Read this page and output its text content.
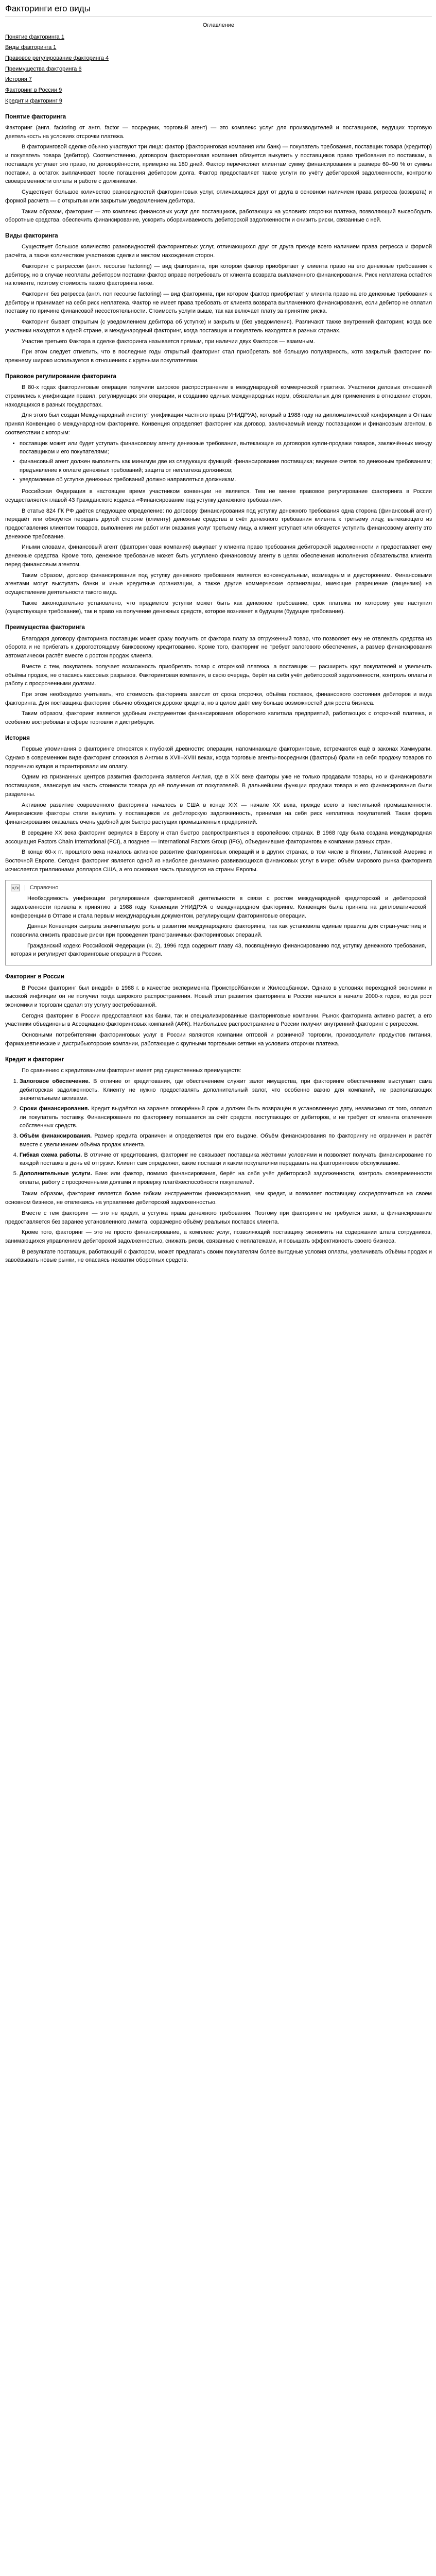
Факторинги его виды
Оглавление
Понятие факторинга 1
Виды факторинга 1
Правовое регулирование факторинга 4
Преимущества факторинга 6
История 7
Факторинг в России 9
Кредит и факторинг 9
Понятие факторинга

Факторинг (англ. factoring от англ. factor — посредник, торговый агент) — это комплекс услуг для производителей и поставщиков, ведущих торговую деятельность на условиях отсрочки платежа.

В факторинговой сделке обычно участвуют три лица: фактор (факторинговая компания или банк) — покупатель требования, поставщик товара (кредитор) и покупатель товара (дебитор). Соответственно, договором факторинговая компания обязуется выкупить у поставщиков право требования по поставкам, а поставщик уступает это право, по договорённости, примерно на 180 дней. Фактор перечисляет клиентам сумму финансирования в размере 60–90 % от суммы поставки, а остаток выплачивает после погашения дебитором долга. Фактор предоставляет также услуги по учёту дебиторской задолженности, контролю своевременности оплаты и работе с должниками.

Существует большое количество разновидностей факторинговых услуг, отличающихся друг от друга в основном наличием права регресса (возврата) и формой расчёта — с открытым или закрытым уведомлением дебитора.

Таким образом, факторинг — это комплекс финансовых услуг для поставщиков, работающих на условиях отсрочки платежа, позволяющий высвободить оборотные средства, обеспечить финансирование, ускорить оборачиваемость дебиторской задолженности и снизить риски, связанные с ней.

Виды факторинга

Существует большое количество разновидностей факторинговых услуг, отличающихся друг от друга прежде всего наличием права регресса и формой расчёта, а также количеством участников сделки и местом нахождения сторон.

Факторинг с регрессом (англ. recourse factoring) — вид факторинга, при котором фактор приобретает у клиента право на его денежные требования к дебитору, но в случае неоплаты дебитором поставки фактор вправе потребовать от клиента возврата выплаченного финансирования. Риск неплатежа остаётся на клиенте, поэтому стоимость такого факторинга ниже.

Факторинг без регресса (англ. non recourse factoring) — вид факторинга, при котором фактор приобретает у клиента право на его денежные требования к дебитору и принимает на себя риск неплатежа. Фактор не имеет права требовать от клиента возврата выплаченного финансирования, если дебитор не оплатил поставку по причине финансовой несостоятельности. Стоимость услуги выше, так как включает плату за принятие риска.

Факторинг бывает открытым (с уведомлением дебитора об уступке) и закрытым (без уведомления). Различают также внутренний факторинг, когда все участники находятся в одной стране, и международный факторинг, когда поставщик и покупатель находятся в разных странах.

Участие третьего Фактора в сделке факторинга называется прямым, при наличии двух Факторов — взаимным.

При этом следует отметить, что в последние годы открытый факторинг стал приобретать всё большую популярность, хотя закрытый факторинг по-прежнему широко используется в отношениях с крупными покупателями.

Правовое регулирование факторинга

В 80-х годах факторинговые операции получили широкое распространение в международной коммерческой практике. Участники деловых отношений стремились к унификации правил, регулирующих эти операции, и созданию единых международных норм, обязательных для применения в отношении сторон, находящихся в разных государствах.

Для этого был создан Международный институт унификации частного права (УНИДРУА), который в 1988 году на дипломатической конференции в Оттаве принял Конвенцию о международном факторинге. Конвенция определяет факторинг как договор, заключаемый между поставщиком и финансовым агентом, в соответствии с которым:

• поставщик может или будет уступать финансовому агенту денежные требования, вытекающие из договоров купли-продажи товаров, заключённых между поставщиком и его покупателями;
• финансовый агент должен выполнять как минимум две из следующих функций: финансирование поставщика; ведение счетов по денежным требованиям; предъявление к оплате денежных требований; защита от неплатежа должников;
• уведомление об уступке денежных требований должно направляться должникам.

Российская Федерация в настоящее время участником конвенции не является. Тем не менее правовое регулирование факторинга в России осуществляется главой 43 Гражданского кодекса «Финансирование под уступку денежного требования».

В статье 824 ГК РФ даётся следующее определение: по договору финансирования под уступку денежного требования одна сторона (финансовый агент) передаёт или обязуется передать другой стороне (клиенту) денежные средства в счёт денежного требования клиента к третьему лицу, вытекающего из предоставления клиентом товаров, выполнения им работ или оказания услуг третьему лицу, а клиент уступает или обязуется уступить финансовому агенту это денежное требование.

Иными словами, финансовый агент (факторинговая компания) выкупает у клиента право требования дебиторской задолженности и предоставляет ему денежные средства. Кроме того, денежное требование может быть уступлено финансовому агенту в целях обеспечения исполнения обязательства клиента перед финансовым агентом.

Таким образом, договор финансирования под уступку денежного требования является консенсуальным, возмездным и двусторонним. Финансовыми агентами могут выступать банки и иные кредитные организации, а также другие коммерческие организации, имеющие разрешение (лицензию) на осуществление деятельности такого вида.

Также законодательно установлено, что предметом уступки может быть как денежное требование, срок платежа по которому уже наступил (существующее требование), так и право на получение денежных средств, которое возникнет в будущем (будущее требование).

Преимущества факторинга

Благодаря договору факторинга поставщик может сразу получить от фактора плату за отгруженный товар, что позволяет ему не отвлекать средства из оборота и не прибегать к дорогостоящему банковскому кредитованию. Кроме того, факторинг не требует залогового обеспечения, а размер финансирования автоматически растёт вместе с ростом продаж клиента.

Вместе с тем, покупатель получает возможность приобретать товар с отсрочкой платежа, а поставщик — расширить круг покупателей и увеличить объёмы продаж, не опасаясь кассовых разрывов. Факторинговая компания, в свою очередь, берёт на себя учёт дебиторской задолженности, контроль оплаты и работу с просроченными долгами.

При этом необходимо учитывать, что стоимость факторинга зависит от срока отсрочки, объёма поставок, финансового состояния дебиторов и вида факторинга. Для поставщика факторинг обычно обходится дороже кредита, но в целом даёт ему больше возможностей для роста бизнеса.

Таким образом, факторинг является удобным инструментом финансирования оборотного капитала предприятий, работающих с отсрочкой платежа, и особенно востребован в сфере торговли и дистрибуции.

История

Первые упоминания о факторинге относятся к глубокой древности: операции, напоминающие факторинговые, встречаются ещё в законах Хаммурапи. Однако в современном виде факторинг сложился в Англии в XVII–XVIII веках, когда торговые агенты-посредники (факторы) брали на себя продажу товаров по поручению купцов и гарантировали им оплату.

Одним из признанных центров развития факторинга является Англия, где в XIX веке факторы уже не только продавали товары, но и финансировали поставщиков, авансируя им часть стоимости товара до её получения от покупателей. В дальнейшем функции продажи товара и его финансирования были разделены.

Активное развитие современного факторинга началось в США в конце XIX — начале XX века, прежде всего в текстильной промышленности. Американские факторы стали выкупать у поставщиков их дебиторскую задолженность, принимая на себя риск неплатежа покупателей. Такая форма финансирования оказалась очень удобной для быстро растущих промышленных предприятий.

В середине XX века факторинг вернулся в Европу и стал быстро распространяться в европейских странах. В 1968 году была создана международная ассоциация Factors Chain International (FCI), а позднее — International Factors Group (IFG), объединившие факторинговые компании разных стран.

В конце 60-х гг. прошлого века началось активное развитие факторинговых операций и в других странах, в том числе в Японии, Латинской Америке и Восточной Европе. Сегодня факторинг является одной из наиболее динамично развивающихся финансовых услуг в мире: объём мирового рынка факторинга исчисляется триллионами долларов США, а его основная часть приходится на страны Европы.

</> | Справочно

Необходимость унификации регулирования факторинговой деятельности в связи с ростом международной кредиторской и дебиторской задолженности привела к принятию в 1988 году Конвенции УНИДРУА о международном факторинге. Конвенция была принята на дипломатической конференции в Оттаве и стала первым международным документом, регулирующим факторинговые операции.

Данная Конвенция сыграла значительную роль в развитии международного факторинга, так как установила единые правила для стран-участниц и позволила снизить правовые риски при проведении трансграничных факторинговых операций.

Гражданский кодекс Российской Федерации (ч. 2), 1996 года содержит главу 43, посвящённую финансированию под уступку денежного требования, которая и регулирует факторинговые операции в России.

Факторинг в России

В России факторинг был внедрён в 1988 г. в качестве эксперимента Промстройбанком и Жилсоцбанком. Однако в условиях переходной экономики и высокой инфляции он не получил тогда широкого распространения. Новый этап развития факторинга в России начался в начале 2000-х годов, когда рост экономики и торговли сделал эту услугу востребованной.

Сегодня факторинг в России предоставляют как банки, так и специализированные факторинговые компании. Рынок факторинга активно растёт, а его участники объединены в Ассоциацию факторинговых компаний (АФК). Наибольшее распространение в России получил внутренний факторинг с регрессом.

Основными потребителями факторинговых услуг в России являются компании оптовой и розничной торговли, производители продуктов питания, фармацевтические и дистрибьюторские компании, работающие с крупными торговыми сетями на условиях отсрочки платежа.

Кредит и факторинг

По сравнению с кредитованием факторинг имеет ряд существенных преимуществ:

1. Залоговое обеспечение. В отличие от кредитования, где обеспечением служит залог имущества, при факторинге обеспечением выступает сама дебиторская задолженность. Клиенту не нужно предоставлять дополнительный залог, что особенно важно для компаний, не располагающих значительными активами.
2. Сроки финансирования. Кредит выдаётся на заранее оговорённый срок и должен быть возвращён в установленную дату, независимо от того, оплатил ли покупатель поставку. Финансирование по факторингу погашается за счёт средств, поступающих от дебиторов, и не требует от клиента отвлечения собственных средств.
3. Объём финансирования. Размер кредита ограничен и определяется при его выдаче. Объём финансирования по факторингу не ограничен и растёт вместе с увеличением объёма продаж клиента.
4. Гибкая схема работы. В отличие от кредитования, факторинг не связывает поставщика жёсткими условиями и позволяет получать финансирование по каждой поставке в день её отгрузки. Клиент сам определяет, какие поставки и каким покупателям передавать на факторинговое обслуживание.
5. Дополнительные услуги. Банк или фактор, помимо финансирования, берёт на себя учёт дебиторской задолженности, контроль своевременности оплаты, работу с просроченными долгами и проверку платёжеспособности покупателей.

Таким образом, факторинг является более гибким инструментом финансирования, чем кредит, и позволяет поставщику сосредоточиться на своём основном бизнесе, не отвлекаясь на управление дебиторской задолженностью.

Вместе с тем факторинг — это не кредит, а уступка права денежного требования. Поэтому при факторинге не требуется залог, а финансирование предоставляется без заранее установленного лимита, соразмерно объёму реальных поставок клиента.

Кроме того, факторинг — это не просто финансирование, а комплекс услуг, позволяющий поставщику экономить на содержании штата сотрудников, занимающихся управлением дебиторской задолженностью, снижать риски, связанные с неплатежами, и повышать эффективность своего бизнеса.

В результате поставщик, работающий с фактором, может предлагать своим покупателям более выгодные условия оплаты, увеличивать объёмы продаж и завоёвывать новые рынки, не опасаясь нехватки оборотных средств.
